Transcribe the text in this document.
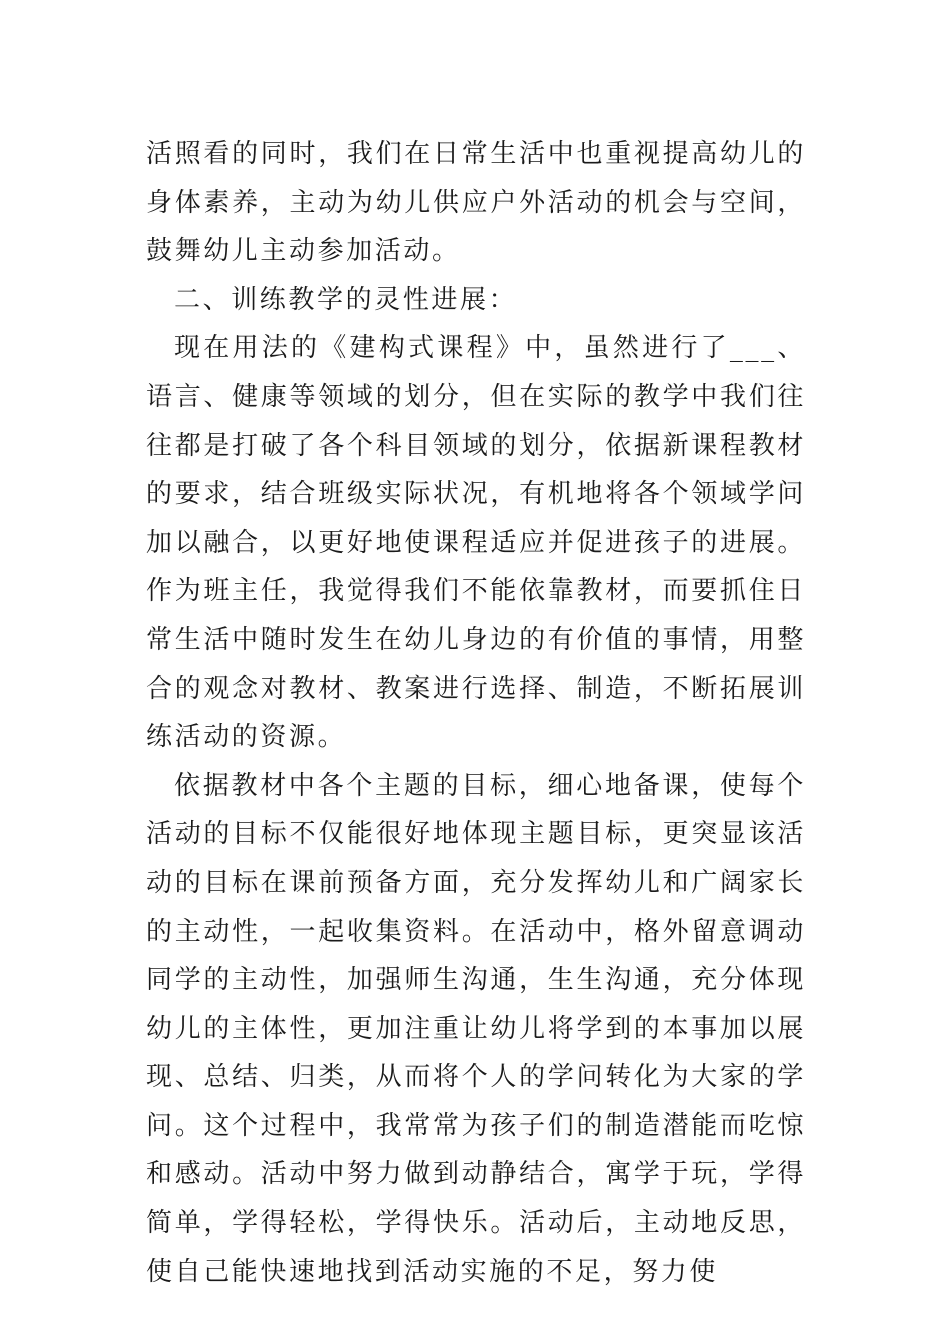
活照看的同时，我们在日常生活中也重视提高幼儿的身体素养，主动为幼儿供应户外活动的机会与空间，鼓舞幼儿主动参加活动。

二、训练教学的灵性进展：

现在用法的《建构式课程》中，虽然进行了___、语言、健康等领域的划分，但在实际的教学中我们往往都是打破了各个科目领域的划分，依据新课程教材的要求，结合班级实际状况，有机地将各个领域学问加以融合，以更好地使课程适应并促进孩子的进展。作为班主任，我觉得我们不能依靠教材，而要抓住日常生活中随时发生在幼儿身边的有价值的事情，用整合的观念对教材、教案进行选择、制造，不断拓展训练活动的资源。

依据教材中各个主题的目标，细心地备课，使每个活动的目标不仅能很好地体现主题目标，更突显该活动的目标在课前预备方面，充分发挥幼儿和广阔家长的主动性，一起收集资料。在活动中，格外留意调动同学的主动性，加强师生沟通，生生沟通，充分体现幼儿的主体性，更加注重让幼儿将学到的本事加以展现、总结、归类，从而将个人的学问转化为大家的学问。这个过程中，我常常为孩子们的制造潜能而吃惊和感动。活动中努力做到动静结合，寓学于玩，学得简单，学得轻松，学得快乐。活动后，主动地反思，使自己能快速地找到活动实施的不足，努力使
